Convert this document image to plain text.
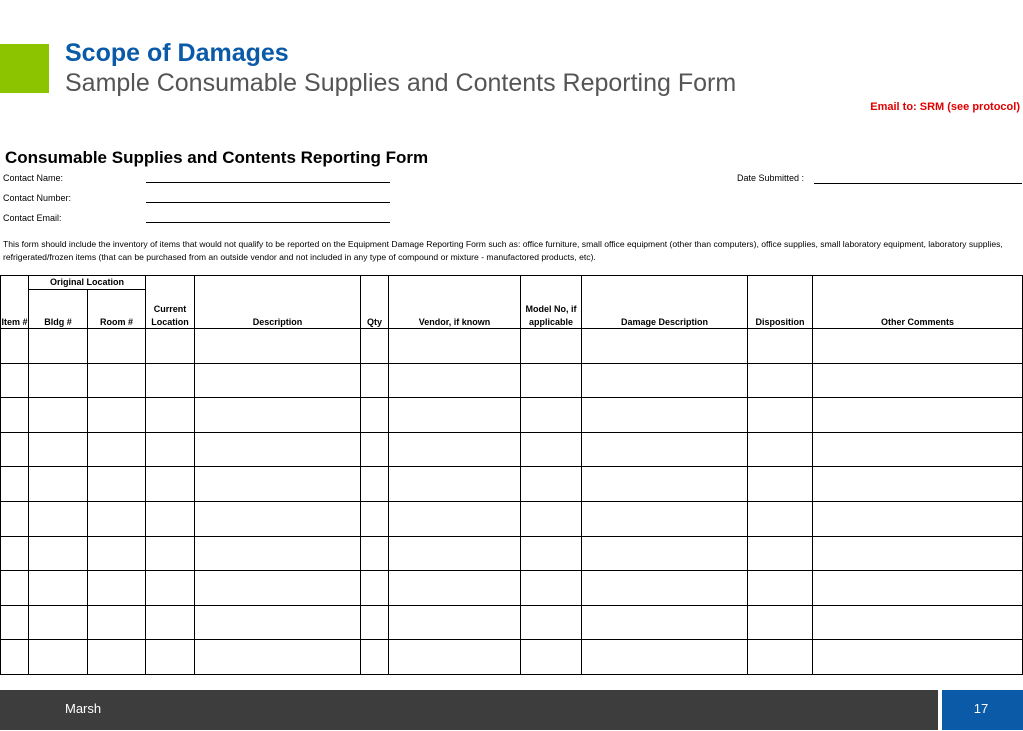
Scope of Damages
Sample Consumable Supplies and Contents Reporting Form
Email to: SRM (see protocol)
Consumable Supplies and Contents Reporting Form
Contact Name:
Contact Number:
Contact Email:
Date Submitted :
This form should include the inventory of items that would not qualify to be reported on the Equipment Damage Reporting Form such as: office furniture, small office equipment (other than computers), office supplies, small laboratory equipment, laboratory supplies, refrigerated/frozen items (that can be purchased from an outside vendor and not included in any type of compound or mixture - manufactored products, etc).
Item #	Original Location		Current Location	Description	Qty	Vendor, if known	Model No, if applicable	Damage Description	Disposition	Other Comments
	Bldg #	Room #								

Marsh	17
